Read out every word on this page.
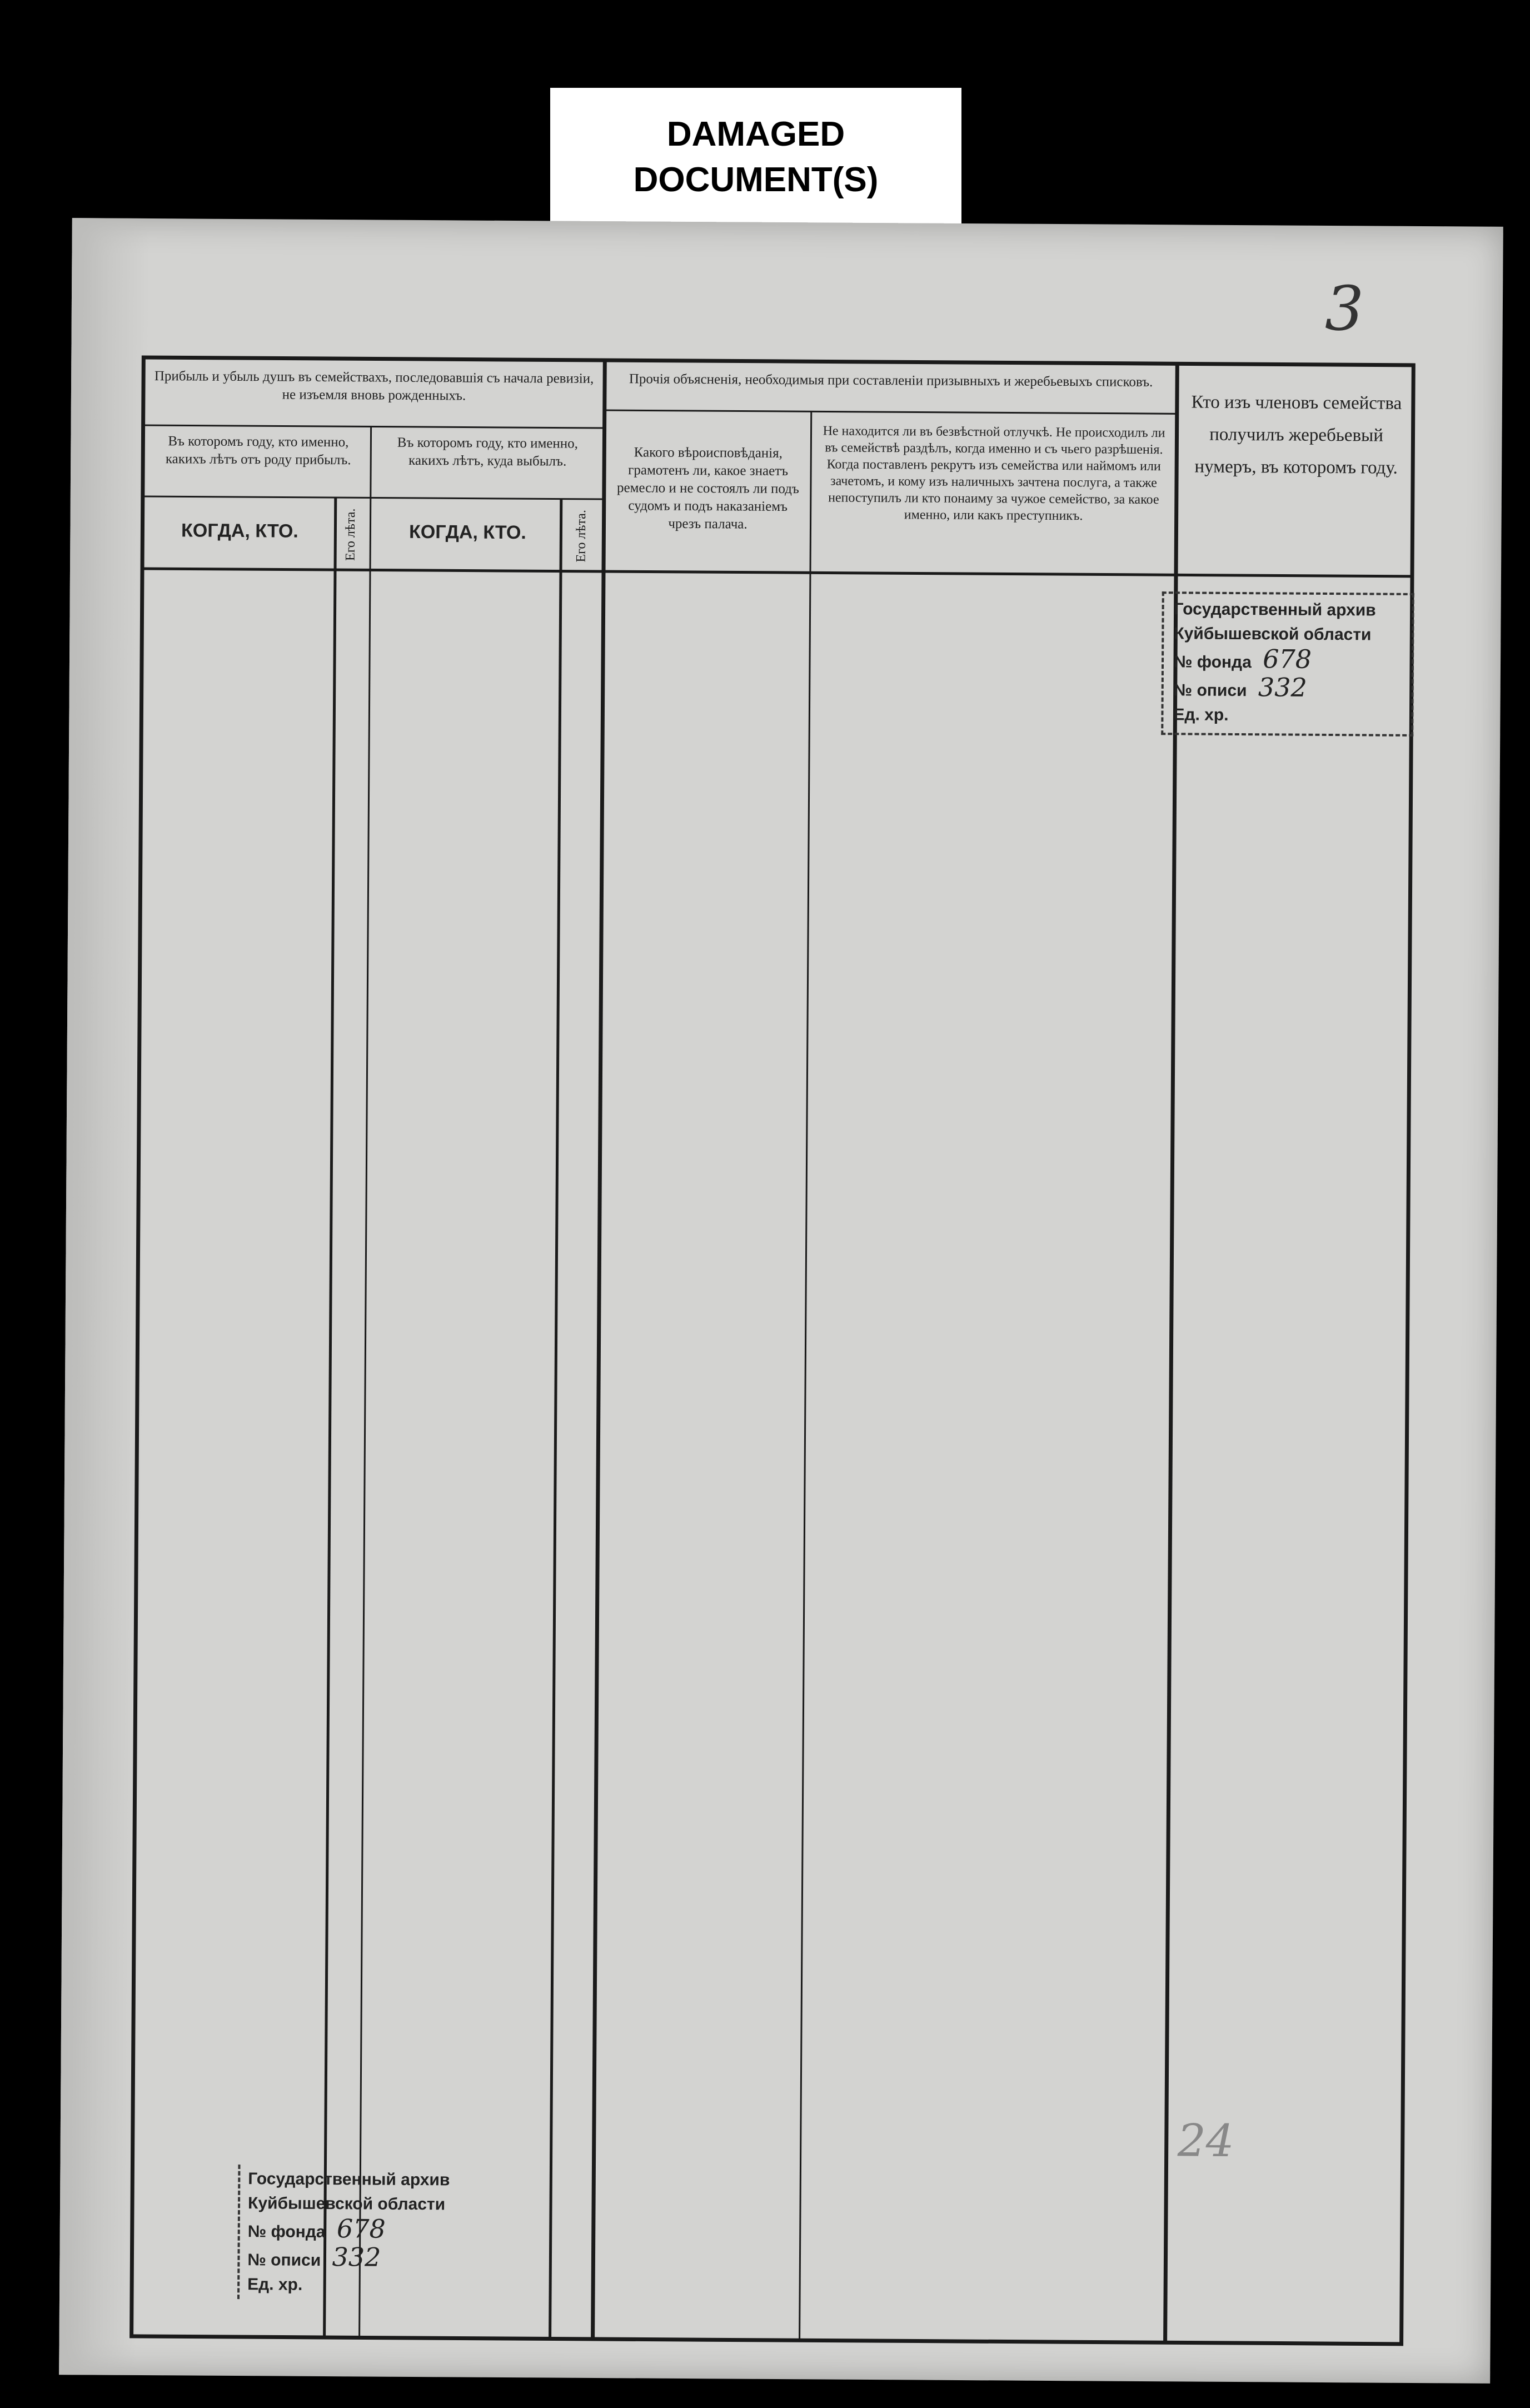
DAMAGED
DOCUMENT(S)
3
Прибыль и убыль душъ въ семействахъ, последовавшія съ начала ревизіи, не изъемля вновь рожденныхъ.
Прочія объясненія, необходимыя при составленіи призывныхъ и жеребьевыхъ списковъ.
Кто изъ членовъ семейства получилъ жеребьевый нумеръ, въ которомъ году.
Въ которомъ году, кто именно, какихъ лѣтъ отъ роду прибылъ.
Въ которомъ году, кто именно, какихъ лѣтъ, куда выбылъ.
Какого вѣроисповѣданія, грамотенъ ли, какое знаетъ ремесло и не состоялъ ли подъ судомъ и подъ наказаніемъ чрезъ палача.
Не находится ли въ безвѣстной отлучкѣ. Не происходилъ ли въ семействѣ раздѣлъ, когда именно и съ чьего разрѣшенія. Когда поставленъ рекрутъ изъ семейства или наймомъ или зачетомъ, и кому изъ наличныхъ зачтена послуга, а также непоступилъ ли кто понаиму за чужое семейство, за какое именно, или какъ преступникъ.
КОГДА, КТО.	Его лѣта.	КОГДА, КТО.	Его лѣта.
Государственный архив
Куйбышевской области
№ фонда 678
№ описи 332
Ед. хр.
Государственный архив
Куйбышевской области
№ фонда 678
№ описи 332
Ед. хр.
24
